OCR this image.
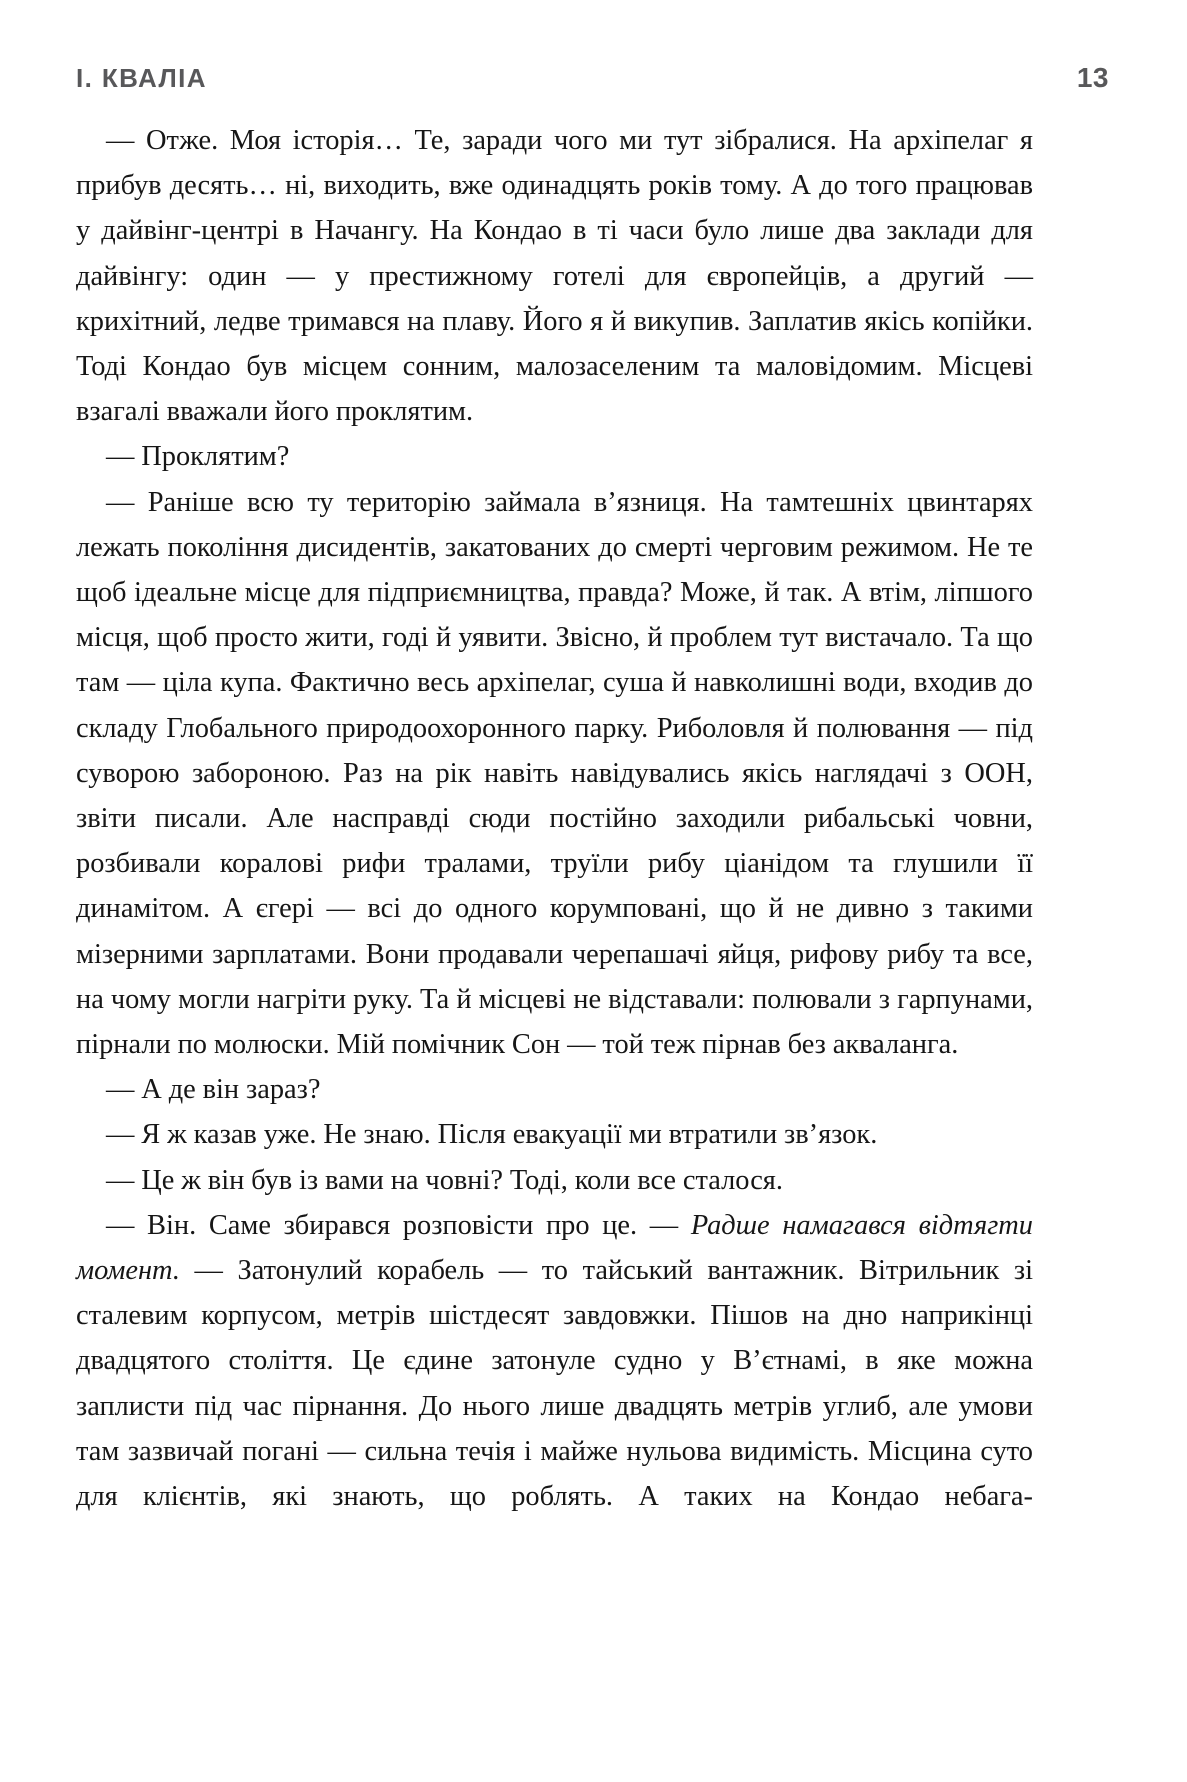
I. КВАЛІА	13

— Отже. Моя історія… Те, заради чого ми тут зібралися. На архіпелаг я прибув десять… ні, виходить, вже одинадцять років тому. А до того працював у дайвінг-центрі в Начангу. На Кондао в ті часи було лише два заклади для дайвінгу: один — у престижному готелі для європейців, а другий — крихітний, ледве тримався на плаву. Його я й викупив. Заплатив якісь копійки. Тоді Кондао був місцем сонним, малозаселеним та маловідомим. Місцеві взагалі вважали його проклятим.

— Проклятим?

— Раніше всю ту територію займала в’язниця. На тамтешніх цвинтарях лежать покоління дисидентів, закатованих до смерті черговим режимом. Не те щоб ідеальне місце для підприємництва, правда? Може, й так. А втім, ліпшого місця, щоб просто жити, годі й уявити. Звісно, й проблем тут вистачало. Та що там — ціла купа. Фактично весь архіпелаг, суша й навколишні води, входив до складу Глобального природоохоронного парку. Риболовля й полювання — під суворою забороною. Раз на рік навіть навідувались якісь наглядачі з ООН, звіти писали. Але насправді сюди постійно заходили рибальські човни, розбивали коралові рифи тралами, труїли рибу ціанідом та глушили її динамітом. А єгері — всі до одного корумповані, що й не дивно з такими мізерними зарплатами. Вони продавали черепашачі яйця, рифову рибу та все, на чому могли нагріти руку. Та й місцеві не відставали: полювали з гарпунами, пірнали по молюски. Мій помічник Сон — той теж пірнав без акваланга.

— А де він зараз?

— Я ж казав уже. Не знаю. Після евакуації ми втратили зв’язок.

— Це ж він був із вами на човні? Тоді, коли все сталося.

— Він. Саме збирався розповісти про це. — Радше намагався відтягти момент. — Затонулий корабель — то тайський вантажник. Вітрильник зі сталевим корпусом, метрів шістдесят завдовжки. Пішов на дно наприкінці двадцятого століття. Це єдине затонуле судно у В’єтнамі, в яке можна заплисти під час пірнання. До нього лише двадцять метрів углиб, але умови там зазвичай погані — сильна течія і майже нульова видимість. Місцина суто для клієнтів, які знають, що роблять. А таких на Кондао небага-
